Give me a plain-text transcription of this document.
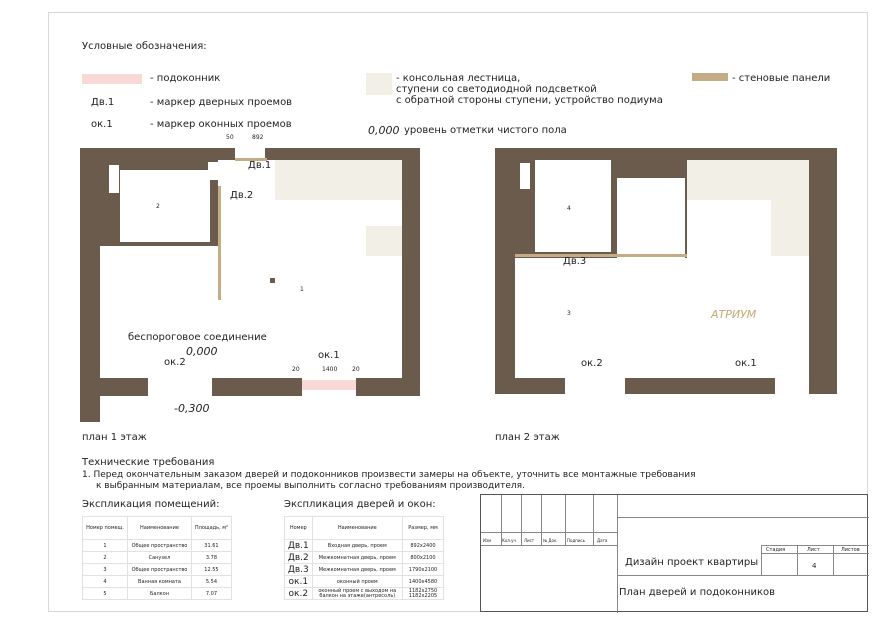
Условные обозначения:
- подоконник
Дв.1	- маркер дверных проемов
ок.1	- маркер оконных проемов
- консольная лестница,
ступени со светодиодной подсветкой
с обратной стороны ступени, устройство подиума
0,000 уровень отметки чистого пола
- стеновые панели
50	892
Дв.1
Дв.2
2
1
беспороговое соединение
0,000
ок.2
ок.1
20	1400 20
-0,300
план 1 этаж
4
Дв.3
3	АТРИУМ
ок.2	ок.1
план 2 этаж
Технические требования
1. Перед окончательным заказом дверей и подоконников произвести замеры на объекте, уточнить все монтажные требования
к выбранным материалам, все проемы выполнить согласно требованиям производителя.
Экспликация помещений:
Номер помещ.	Наименование	Площадь, м²
1	Общее пространство	31.61
2	Санузел	3.78
3	Общее пространство	12.55
4	Ванная комната	5.54
5	Балкон	7.07
Экспликация дверей и окон:
Номер	Наименование	Размер, мм
Дв.1	Входная дверь, проем	892x2400
Дв.2	Межкомнатная дверь, проем	800x2100
Дв.3	Межкомнатная дверь, проем	1790x2100
ок.1	оконный проем	1400x4580
ок.2	оконный проем с выходом на балкон на этаже(антресоль)	1182x2750 1182x2205
Изм	Кол.уч Лист № Док. Подпись	Дата
Дизайн проект квартиры
Стадия	Лист	Листов
4
План дверей и подоконников
